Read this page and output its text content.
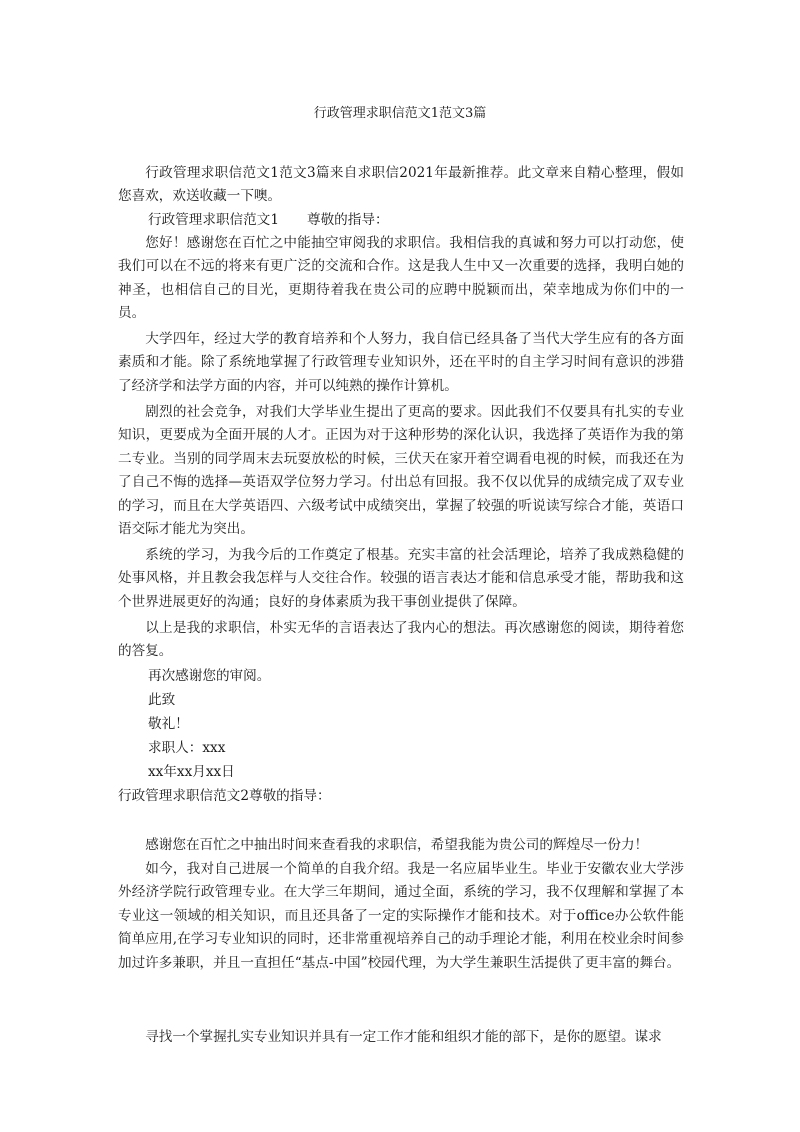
行政管理求职信范文1范文3篇
行政管理求职信范文1范文3篇来自求职信2021年最新推荐。此文章来自精心整理，假如您喜欢，欢送收藏一下噢。
行政管理求职信范文1 尊敬的指导：
您好！感谢您在百忙之中能抽空审阅我的求职信。我相信我的真诚和努力可以打动您，使我们可以在不远的将来有更广泛的交流和合作。这是我人生中又一次重要的选择，我明白她的神圣，也相信自己的目光，更期待着我在贵公司的应聘中脱颖而出，荣幸地成为你们中的一员。
大学四年，经过大学的教育培养和个人努力，我自信已经具备了当代大学生应有的各方面素质和才能。除了系统地掌握了行政管理专业知识外，还在平时的自主学习时间有意识的涉猎了经济学和法学方面的内容，并可以纯熟的操作计算机。
剧烈的社会竞争，对我们大学毕业生提出了更高的要求。因此我们不仅要具有扎实的专业知识，更要成为全面开展的人才。正因为对于这种形势的深化认识，我选择了英语作为我的第二专业。当别的同学周末去玩耍放松的时候，三伏天在家开着空调看电视的时候，而我还在为了自己不悔的选择—英语双学位努力学习。付出总有回报。我不仅以优异的成绩完成了双专业的学习，而且在大学英语四、六级考试中成绩突出，掌握了较强的听说读写综合才能，英语口语交际才能尤为突出。
系统的学习，为我今后的工作奠定了根基。充实丰富的社会活理论，培养了我成熟稳健的处事风格，并且教会我怎样与人交往合作。较强的语言表达才能和信息承受才能，帮助我和这个世界进展更好的沟通；良好的身体素质为我干事创业提供了保障。
以上是我的求职信，朴实无华的言语表达了我内心的想法。再次感谢您的阅读，期待着您的答复。
再次感谢您的审阅。
此致
敬礼！
求职人：xxx
xx年xx月xx日
行政管理求职信范文2尊敬的指导：
感谢您在百忙之中抽出时间来查看我的求职信，希望我能为贵公司的辉煌尽一份力！
如今，我对自己进展一个简单的自我介绍。我是一名应届毕业生。毕业于安徽农业大学涉外经济学院行政管理专业。在大学三年期间，通过全面，系统的学习，我不仅理解和掌握了本专业这一领域的相关知识，而且还具备了一定的实际操作才能和技术。对于office办公软件能简单应用,在学习专业知识的同时，还非常重视培养自己的动手理论才能，利用在校业余时间参加过许多兼职，并且一直担任“基点-中国”校园代理，为大学生兼职生活提供了更丰富的舞台。
寻找一个掌握扎实专业知识并具有一定工作才能和组织才能的部下，是你的愿望。谋求
